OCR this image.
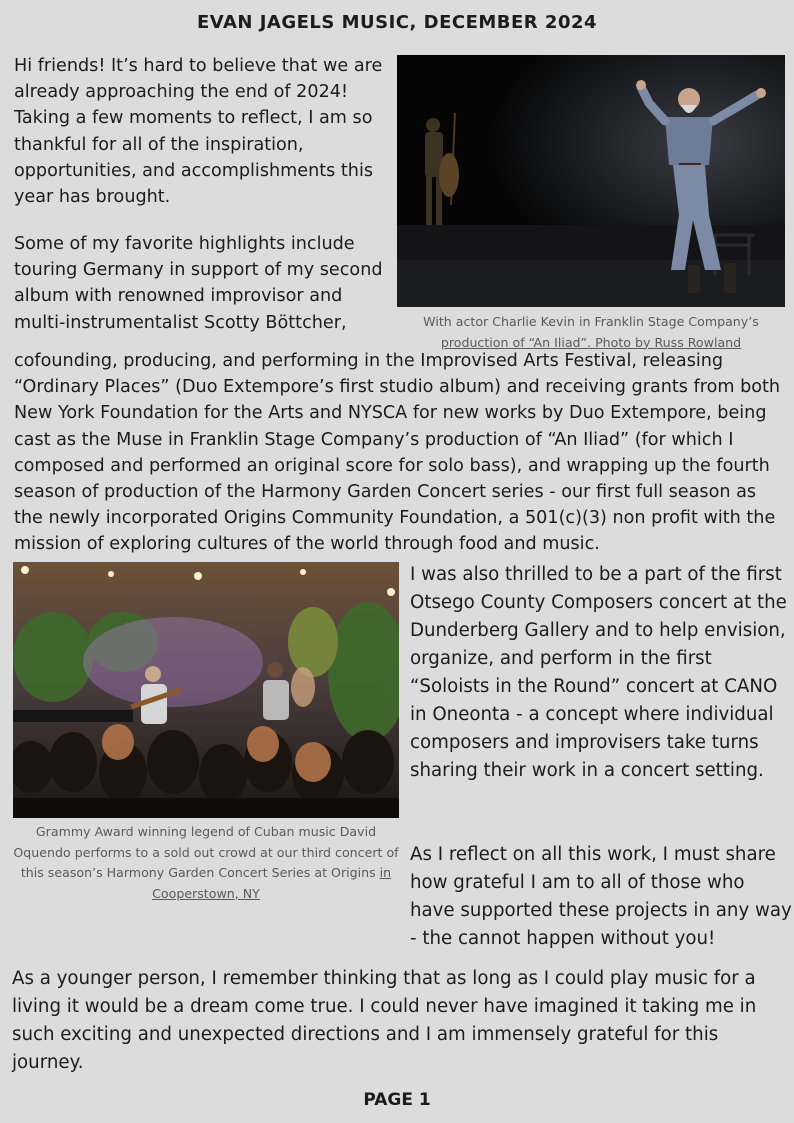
EVAN JAGELS MUSIC, DECEMBER 2024

Hi friends! It’s hard to believe that we are already approaching the end of 2024! Taking a few moments to reflect, I am so thankful for all of the inspiration, opportunities, and accomplishments this year has brought.

Some of my favorite highlights include touring Germany in support of my second album with renowned improvisor and multi-instrumentalist Scotty Böttcher,	With actor Charlie Kevin in Franklin Stage Company’s
production of “An Iliad”. Photo by Russ Rowland

cofounding, producing, and performing in the Improvised Arts Festival, releasing “Ordinary Places” (Duo Extempore’s first studio album) and receiving grants from both New York Foundation for the Arts and NYSCA for new works by Duo Extempore, being cast as the Muse in Franklin Stage Company’s production of “An Iliad” (for which I composed and performed an original score for solo bass), and wrapping up the fourth season of production of the Harmony Garden Concert series - our first full season as the newly incorporated Origins Community Foundation, a 501(c)(3) non profit with the mission of exploring cultures of the world through food and music.

Grammy Award winning legend of Cuban music David Oquendo performs to a sold out crowd at our third concert of this season’s Harmony Garden Concert Series at Origins in Cooperstown, NY

I was also thrilled to be a part of the first Otsego County Composers concert at the Dunderberg Gallery and to help envision, organize, and perform in the first “Soloists in the Round” concert at CANO in Oneonta - a concept where individual composers and improvisers take turns sharing their work in a concert setting.

As I reflect on all this work, I must share how grateful I am to all of those who have supported these projects in any way - the cannot happen without you!

As a younger person, I remember thinking that as long as I could play music for a living it would be a dream come true. I could never have imagined it taking me in such exciting and unexpected directions and I am immensely grateful for this journey.

PAGE 1
